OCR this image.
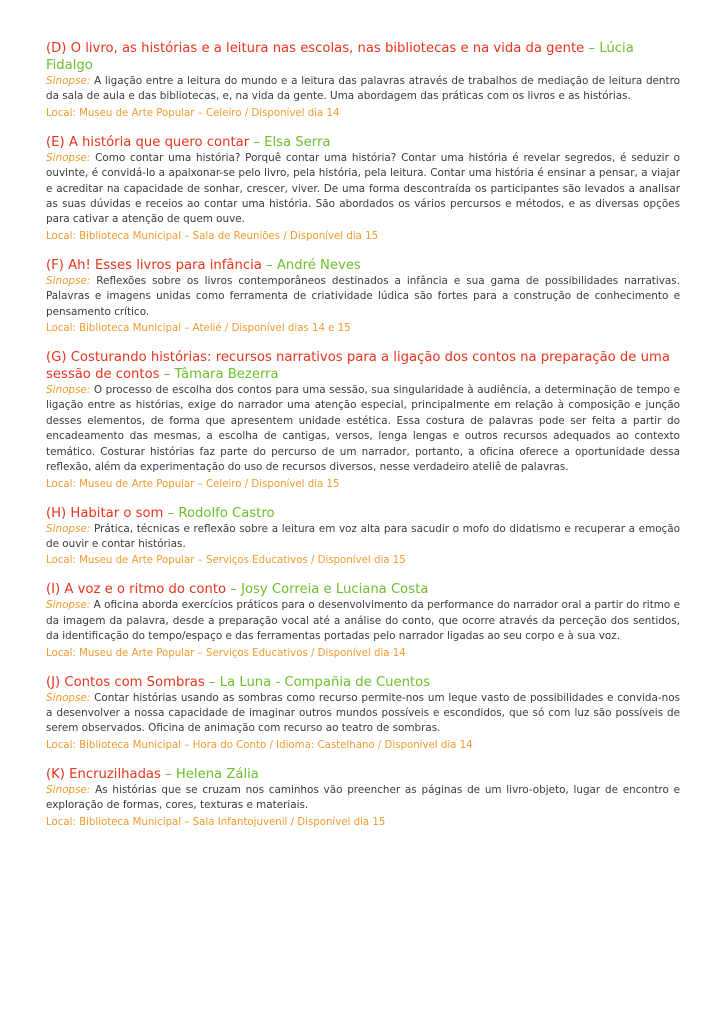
(D) O livro, as histórias e a leitura nas escolas, nas bibliotecas e na vida da gente – Lúcia Fidalgo

Sinopse: A ligação entre a leitura do mundo e a leitura das palavras através de trabalhos de mediação de leitura dentro da sala de aula e das bibliotecas, e, na vida da gente. Uma abordagem das práticas com os livros e as histórias.

Local: Museu de Arte Popular – Celeiro / Disponível dia 14

(E) A história que quero contar – Elsa Serra

Sinopse: Como contar uma história? Porquê contar uma história? Contar uma história é revelar segredos, é seduzir o ouvinte, é convidá-lo a apaixonar-se pelo livro, pela história, pela leitura. Contar uma história é ensinar a pensar, a viajar e acreditar na capacidade de sonhar, crescer, viver. De uma forma descontraída os participantes são levados a analisar as suas dúvidas e receios ao contar uma história. São abordados os vários percursos e métodos, e as diversas opções para cativar a atenção de quem ouve.

Local: Biblioteca Municipal – Sala de Reuniões / Disponível dia 15

(F) Ah! Esses livros para infância – André Neves

Sinopse: Reflexões sobre os livros contemporâneos destinados a infância e sua gama de possibilidades narrativas. Palavras e imagens unidas como ferramenta de criatividade lúdica são fortes para a construção de conhecimento e pensamento crítico.

Local: Biblioteca Municipal – Atelié / Disponível dias 14 e 15

(G) Costurando histórias: recursos narrativos para a ligação dos contos na preparação de uma sessão de contos – Tâmara Bezerra

Sinopse: O processo de escolha dos contos para uma sessão, sua singularidade à audiência, a determinação de tempo e ligação entre as histórias, exige do narrador uma atenção especial, principalmente em relação à composição e junção desses elementos, de forma que apresentem unidade estética. Essa costura de palavras pode ser feita a partir do encadeamento das mesmas, a escolha de cantigas, versos, lenga lengas e outros recursos adequados ao contexto temático. Costurar histórias faz parte do percurso de um narrador, portanto, a oficina oferece a oportunidade dessa reflexão, além da experimentação do uso de recursos diversos, nesse verdadeiro ateliê de palavras.

Local: Museu de Arte Popular – Celeiro / Disponível dia 15

(H) Habitar o som – Rodolfo Castro

Sinopse: Prática, técnicas e reflexão sobre a leitura em voz alta para sacudir o mofo do didatismo e recuperar a emoção de ouvir e contar histórias.

Local: Museu de Arte Popular – Serviços Educativos / Disponível dia 15

(I) A voz e o ritmo do conto – Josy Correia e Luciana Costa

Sinopse: A oficina aborda exercícios práticos para o desenvolvimento da performance do narrador oral a partir do ritmo e da imagem da palavra, desde a preparação vocal até a análise do conto, que ocorre através da perceção dos sentidos, da identificação do tempo/espaço e das ferramentas portadas pelo narrador ligadas ao seu corpo e à sua voz.

Local: Museu de Arte Popular – Serviços Educativos / Disponível dia 14

(J) Contos com Sombras – La Luna - Compañia de Cuentos

Sinopse: Contar histórias usando as sombras como recurso permite-nos um leque vasto de possibilidades e convida-nos a desenvolver a nossa capacidade de imaginar outros mundos possíveis e escondidos, que só com luz são possíveis de serem observados. Oficina de animação com recurso ao teatro de sombras.

Local: Biblioteca Municipal – Hora do Conto / Idioma: Castelhano / Disponível dia 14

(K) Encruzilhadas – Helena Zália

Sinopse: As histórias que se cruzam nos caminhos vão preencher as páginas de um livro-objeto, lugar de encontro e exploração de formas, cores, texturas e materiais.

Local: Biblioteca Municipal – Sala Infantojuvenil / Disponível dia 15
